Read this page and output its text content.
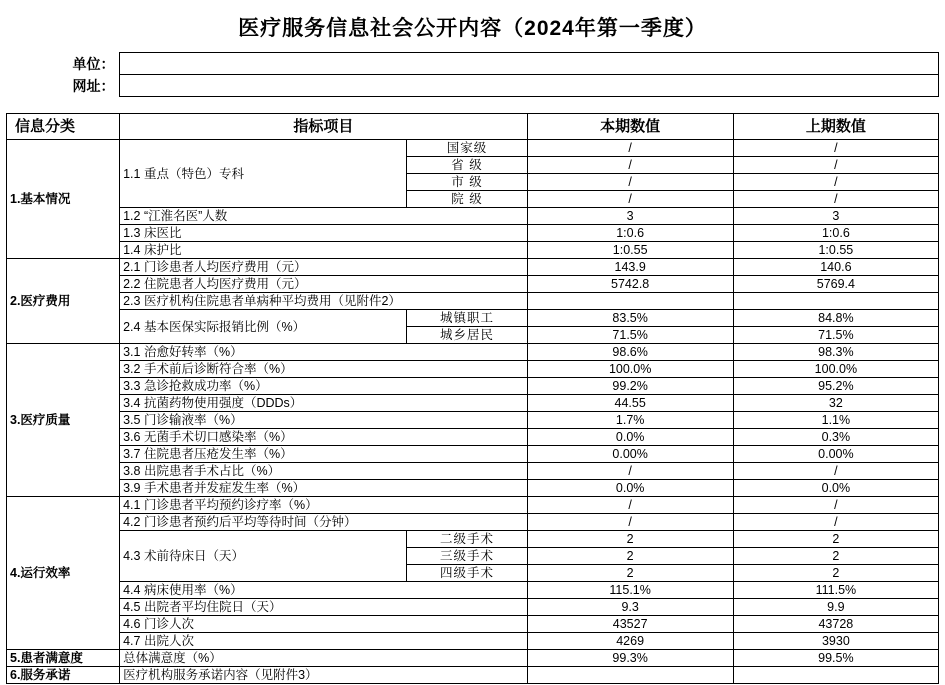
医疗服务信息社会公开内容（2024年第一季度）
单位：	
网址：	
信息分类	指标项目		本期数值	上期数值
1.基本情况	1.1 重点（特色）专科	国家级	/	/
		省 级	/	/
		市 级	/	/
		院 级	/	/
	1.2 “江淮名医”人数		3	3
	1.3 床医比		1:0.6	1:0.6
	1.4 床护比		1:0.55	1:0.55
2.医疗费用	2.1 门诊患者人均医疗费用（元）		143.9	140.6
	2.2 住院患者人均医疗费用（元）		5742.8	5769.4
	2.3 医疗机构住院患者单病种平均费用（见附件2）			
	2.4 基本医保实际报销比例（%）	城镇职工	83.5%	84.8%
		城乡居民	71.5%	71.5%
3.医疗质量	3.1 治愈好转率（%）		98.6%	98.3%
	3.2 手术前后诊断符合率（%）		100.0%	100.0%
	3.3 急诊抢救成功率（%）		99.2%	95.2%
	3.4 抗菌药物使用强度（DDDs）		44.55	32
	3.5 门诊输液率（%）		1.7%	1.1%
	3.6 无菌手术切口感染率（%）		0.0%	0.3%
	3.7 住院患者压疮发生率（%）		0.00%	0.00%
	3.8 出院患者手术占比（%）		/	/
	3.9 手术患者并发症发生率（%）		0.0%	0.0%
4.运行效率	4.1 门诊患者平均预约诊疗率（%）		/	/
	4.2 门诊患者预约后平均等待时间（分钟）		/	/
	4.3 术前待床日（天）	二级手术	2	2
		三级手术	2	2
		四级手术	2	2
	4.4 病床使用率（%）		115.1%	111.5%
	4.5 出院者平均住院日（天）		9.3	9.9
	4.6 门诊人次		43527	43728
	4.7 出院人次		4269	3930
5.患者满意度	总体满意度（%）		99.3%	99.5%
6.服务承诺	医疗机构服务承诺内容（见附件3）			
